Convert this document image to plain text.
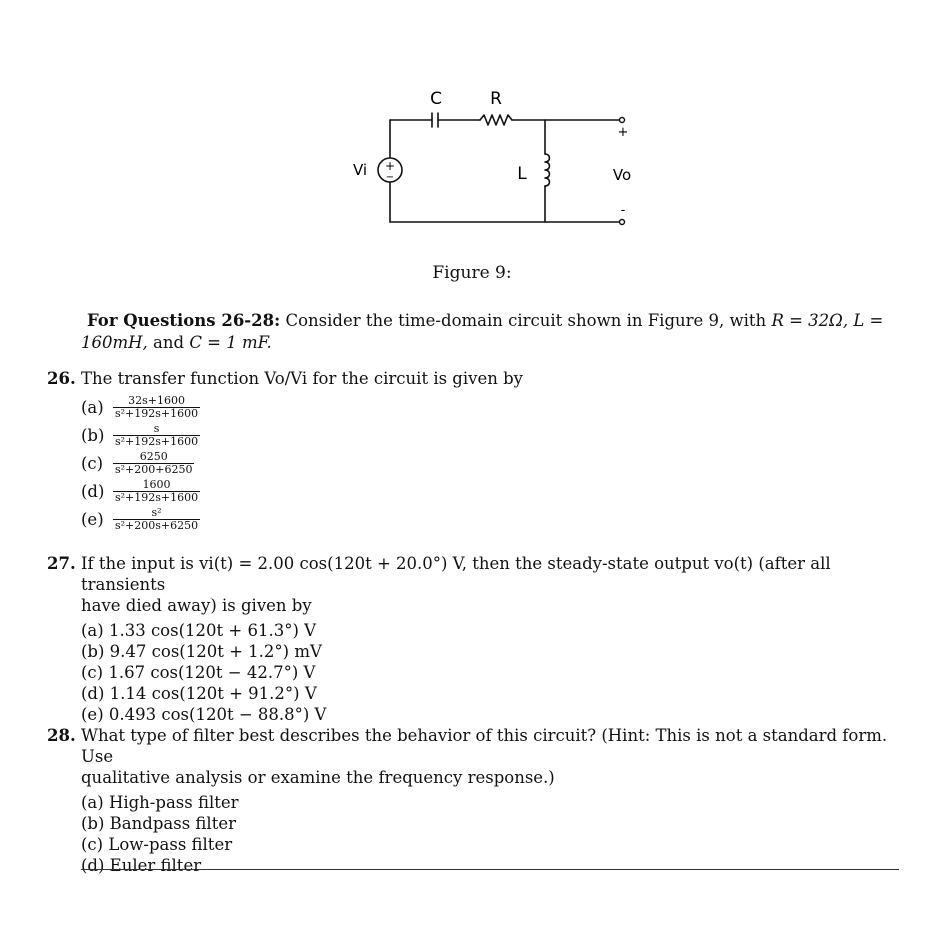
+
−
C	R
L
Vi	Vo
+
-
Figure 9:
For Questions 26-28: Consider the time-domain circuit shown in Figure 9, with R = 32Ω, L = 160mH, and C = 1 mF.
26. The transfer function Vo/Vi for the circuit is given by
$(a) \frac{32s+1600}{\text{s²+192s+1600}}$
$(b) \frac{s}{\text{s²+192s+1600}}$
$(c) \frac{6250}{\text{s²+200+6250}}$
$(d) \frac{1600}{\text{s²+192s+1600}}$
$(e) \frac{\text{s²}}{\text{s²+200s+6250}}$
27. If the input is vi(t) = 2.00 cos(120t + 20.0°) V, then the steady-state output vo(t) (after all transients
have died away) is given by
(a) 1.33 cos(120t + 61.3°) V
(b) 9.47 cos(120t + 1.2°) mV
(c) 1.67 cos(120t − 42.7°) V
(d) 1.14 cos(120t + 91.2°) V
(e) 0.493 cos(120t − 88.8°) V
28. What type of filter best describes the behavior of this circuit? (Hint: This is not a standard form. Use
qualitative analysis or examine the frequency response.)
(a) High-pass filter
(b) Bandpass filter
(c) Low-pass filter
(d) Euler filter
